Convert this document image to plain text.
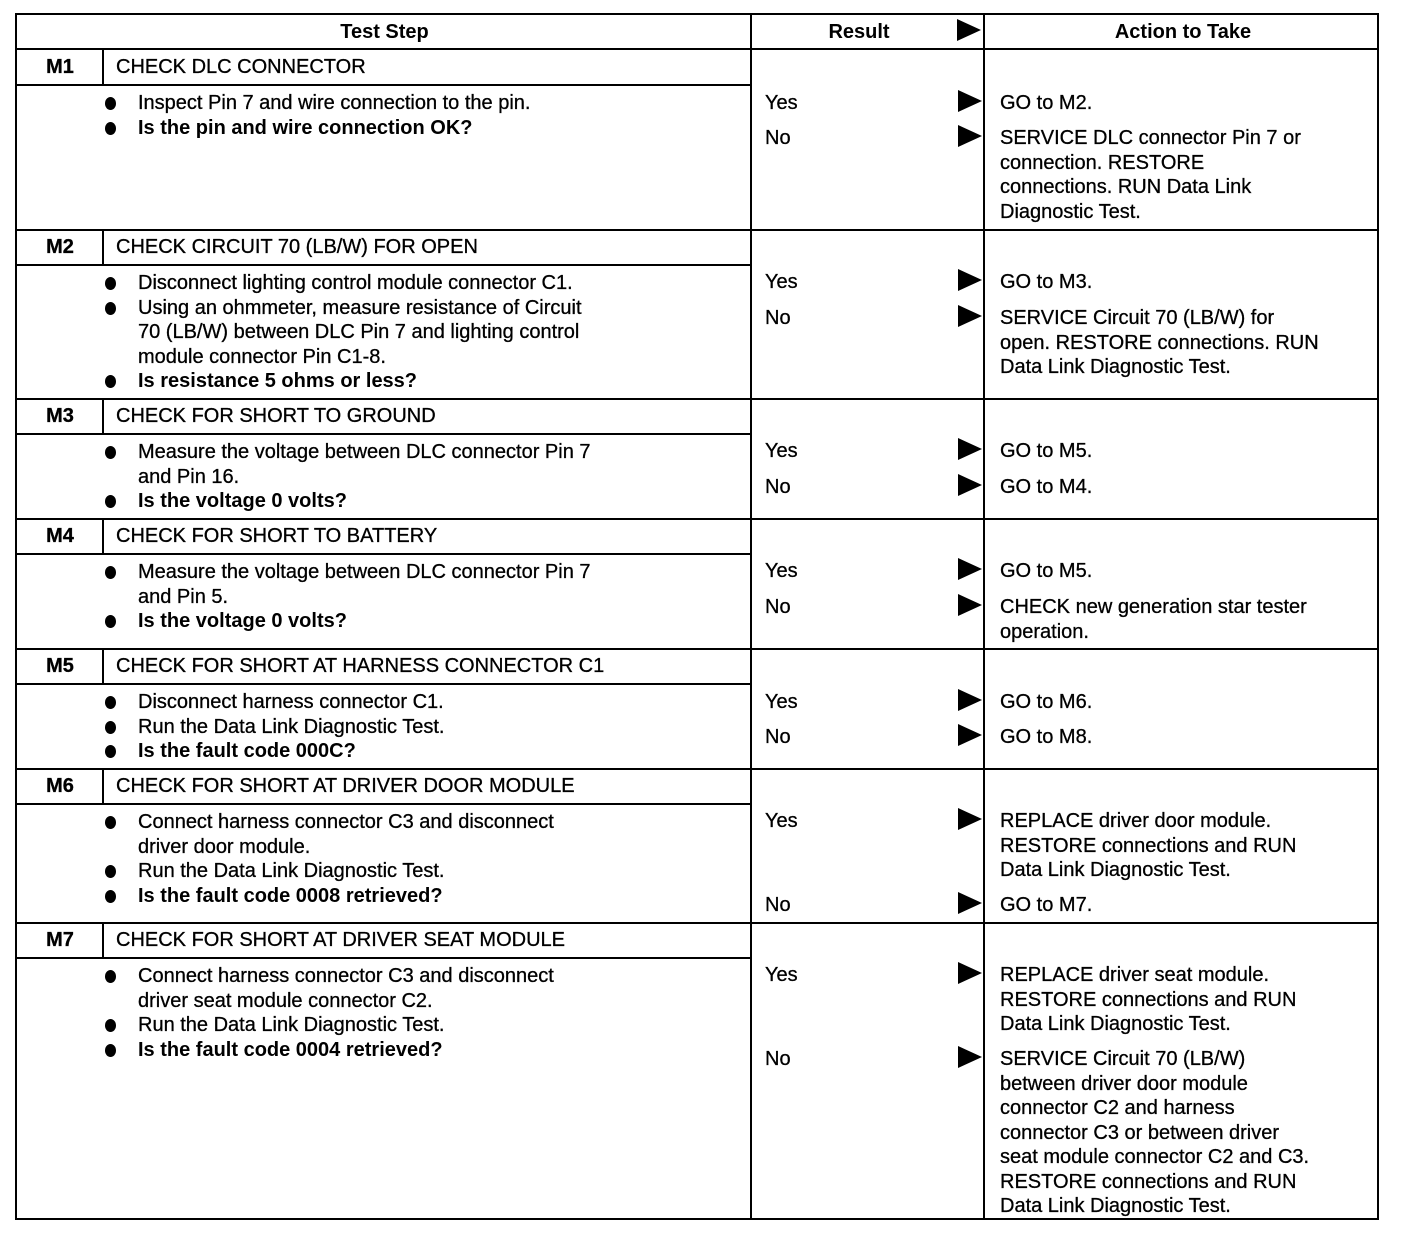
Test Step	Result	Action to Take
M1	CHECK DLC CONNECTOR
Inspect Pin 7 and wire connection to the pin.
Is the pin and wire connection OK?
Yes	GO to M2.
No	SERVICE DLC connector Pin 7 or
connection. RESTORE
connections. RUN Data Link
Diagnostic Test.
M2	CHECK CIRCUIT 70 (LB/W) FOR OPEN
Disconnect lighting control module connector C1.
Using an ohmmeter, measure resistance of Circuit
70 (LB/W) between DLC Pin 7 and lighting control
module connector Pin C1-8.
Is resistance 5 ohms or less?
Yes	GO to M3.
No	SERVICE Circuit 70 (LB/W) for
open. RESTORE connections. RUN
Data Link Diagnostic Test.
M3	CHECK FOR SHORT TO GROUND
Measure the voltage between DLC connector Pin 7
and Pin 16.
Is the voltage 0 volts?
Yes	GO to M5.
No	GO to M4.
M4	CHECK FOR SHORT TO BATTERY
Measure the voltage between DLC connector Pin 7
and Pin 5.
Is the voltage 0 volts?
Yes	GO to M5.
No	CHECK new generation star tester
operation.
M5	CHECK FOR SHORT AT HARNESS CONNECTOR C1
Disconnect harness connector C1.
Run the Data Link Diagnostic Test.
Is the fault code 000C?
Yes	GO to M6.
No	GO to M8.
M6	CHECK FOR SHORT AT DRIVER DOOR MODULE
Connect harness connector C3 and disconnect
driver door module.
Run the Data Link Diagnostic Test.
Is the fault code 0008 retrieved?
Yes	REPLACE driver door module.
RESTORE connections and RUN
Data Link Diagnostic Test.
No	GO to M7.
M7	CHECK FOR SHORT AT DRIVER SEAT MODULE
Connect harness connector C3 and disconnect
driver seat module connector C2.
Run the Data Link Diagnostic Test.
Is the fault code 0004 retrieved?
Yes	REPLACE driver seat module.
RESTORE connections and RUN
Data Link Diagnostic Test.
No	SERVICE Circuit 70 (LB/W)
between driver door module
connector C2 and harness
connector C3 or between driver
seat module connector C2 and C3.
RESTORE connections and RUN
Data Link Diagnostic Test.
